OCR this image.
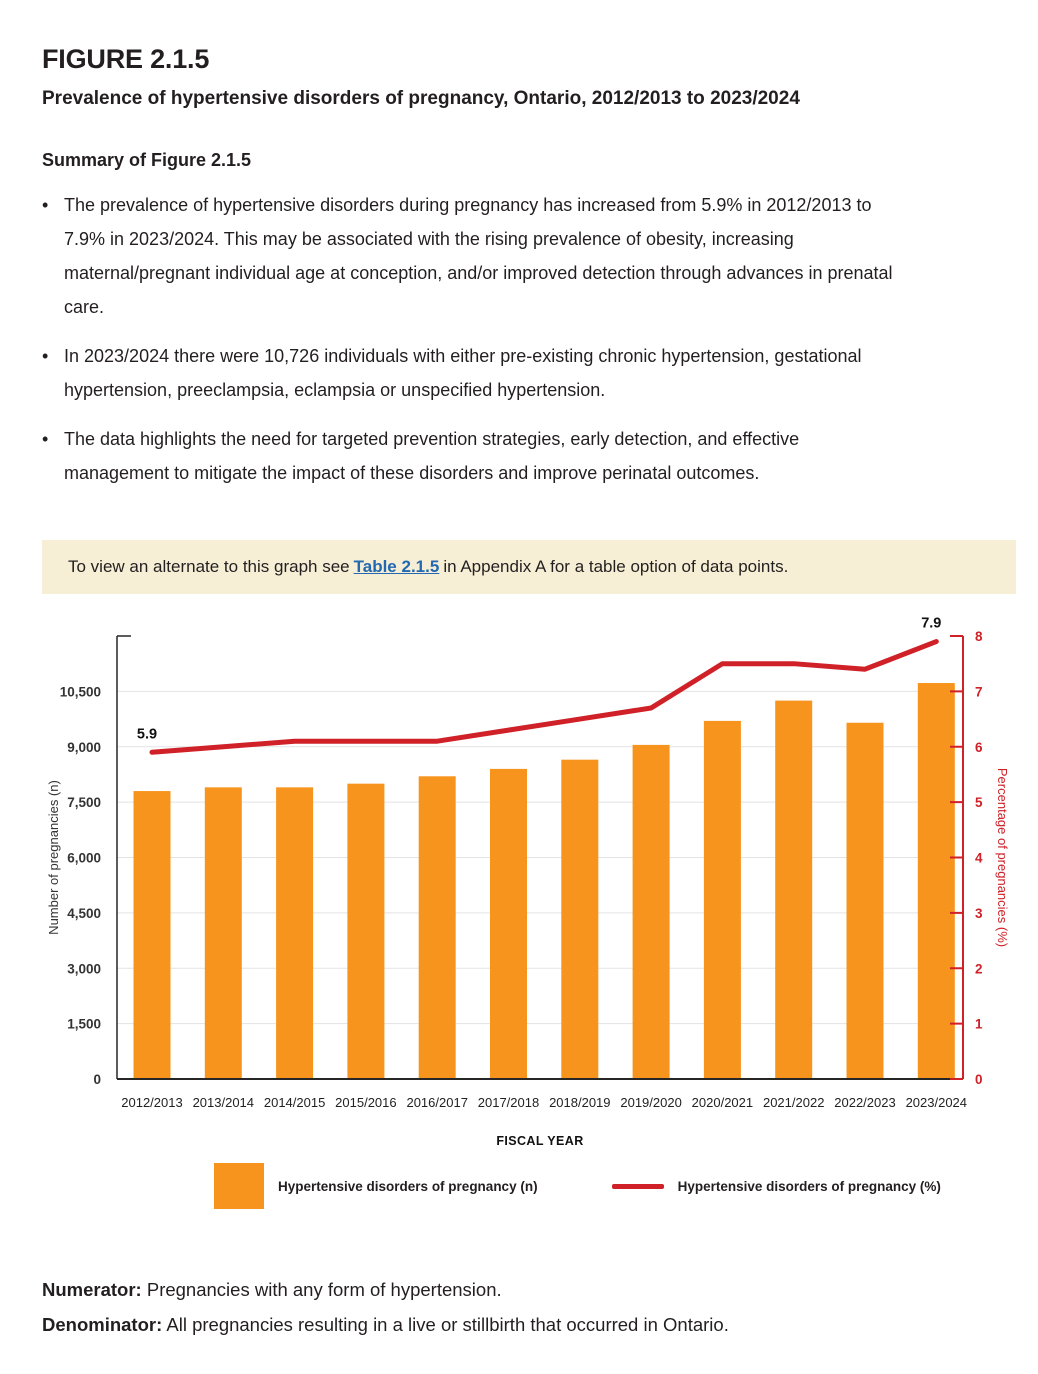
FIGURE 2.1.5
Prevalence of hypertensive disorders of pregnancy, Ontario, 2012/2013 to 2023/2024
Summary of Figure 2.1.5
• The prevalence of hypertensive disorders during pregnancy has increased from 5.9% in 2012/2013 to 7.9% in 2023/2024. This may be associated with the rising prevalence of obesity, increasing maternal/pregnant individual age at conception, and/or improved detection through advances in prenatal care.
• In 2023/2024 there were 10,726 individuals with either pre-existing chronic hypertension, gestational hypertension, preeclampsia, eclampsia or unspecified hypertension.
• The data highlights the need for targeted prevention strategies, early detection, and effective management to mitigate the impact of these disorders and improve perinatal outcomes.
To view an alternate to this graph see Table 2.1.5 in Appendix A for a table option of data points.
0
1,500
3,000
4,500
6,000
7,500
9,000
10,500
0
1
2
3
4
5
6
7
8
2012/2013 2013/2014 2014/2015 2015/2016 2016/2017 2017/2018 2018/2019 2019/2020 2020/2021 2021/2022 2022/2023 2023/2024
FISCAL YEAR
Number of pregnancies (n)	Percentage of pregnancies (%)
5.9
7.9
Hypertensive disorders of pregnancy (n)	Hypertensive disorders of pregnancy (%)
Numerator: Pregnancies with any form of hypertension.
Denominator: All pregnancies resulting in a live or stillbirth that occurred in Ontario.
